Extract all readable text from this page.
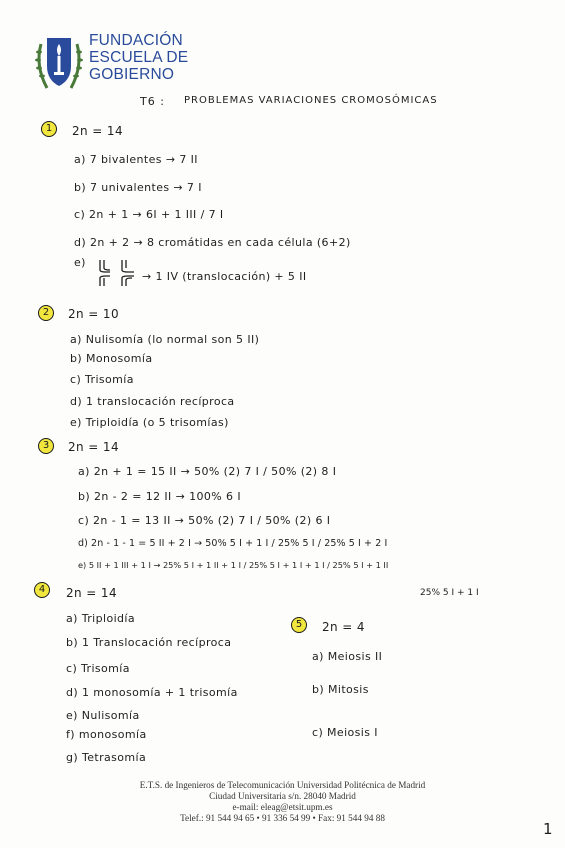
FUNDACIÓN
ESCUELA DE
GOBIERNO
T6 : PROBLEMAS VARIACIONES CROMOSÓMICAS
1	2n = 14
a) 7 bivalentes → 7 II
b) 7 univalentes → 7 I
c) 2n + 1 → 6I + 1 III / 7 I
d) 2n + 2 → 8 cromátidas en cada célula (6+2)
e)
→ 1 IV (translocación) + 5 II
2	2n = 10
a) Nulisomía (lo normal son 5 II)
b) Monosomía
c) Trisomía
d) 1 translocación recíproca
e) Triploidía (o 5 trisomías)
3	2n = 14
a) 2n + 1 = 15 II → 50% (2) 7 I / 50% (2) 8 I
b) 2n - 2 = 12 II → 100% 6 I
c) 2n - 1 = 13 II → 50% (2) 7 I / 50% (2) 6 I
d) 2n - 1 - 1 = 5 II + 2 I → 50% 5 I + 1 I / 25% 5 I / 25% 5 I + 2 I
e) 5 II + 1 III + 1 I → 25% 5 I + 1 II + 1 I / 25% 5 I + 1 I + 1 I / 25% 5 I + 1 II
25% 5 I + 1 I
4	2n = 14
a) Triploidía
b) 1 Translocación recíproca
c) Trisomía
d) 1 monosomía + 1 trisomía
e) Nulisomía
f) monosomía
g) Tetrasomía
5	2n = 4
a) Meiosis II
b) Mitosis
c) Meiosis I
E.T.S. de Ingenieros de Telecomunicación Universidad Politécnica de Madrid
Ciudad Universitaria s/n. 28040 Madrid
e-mail: eleag@etsit.upm.es
Telef.: 91 544 94 65 • 91 336 54 99 • Fax: 91 544 94 88
1
